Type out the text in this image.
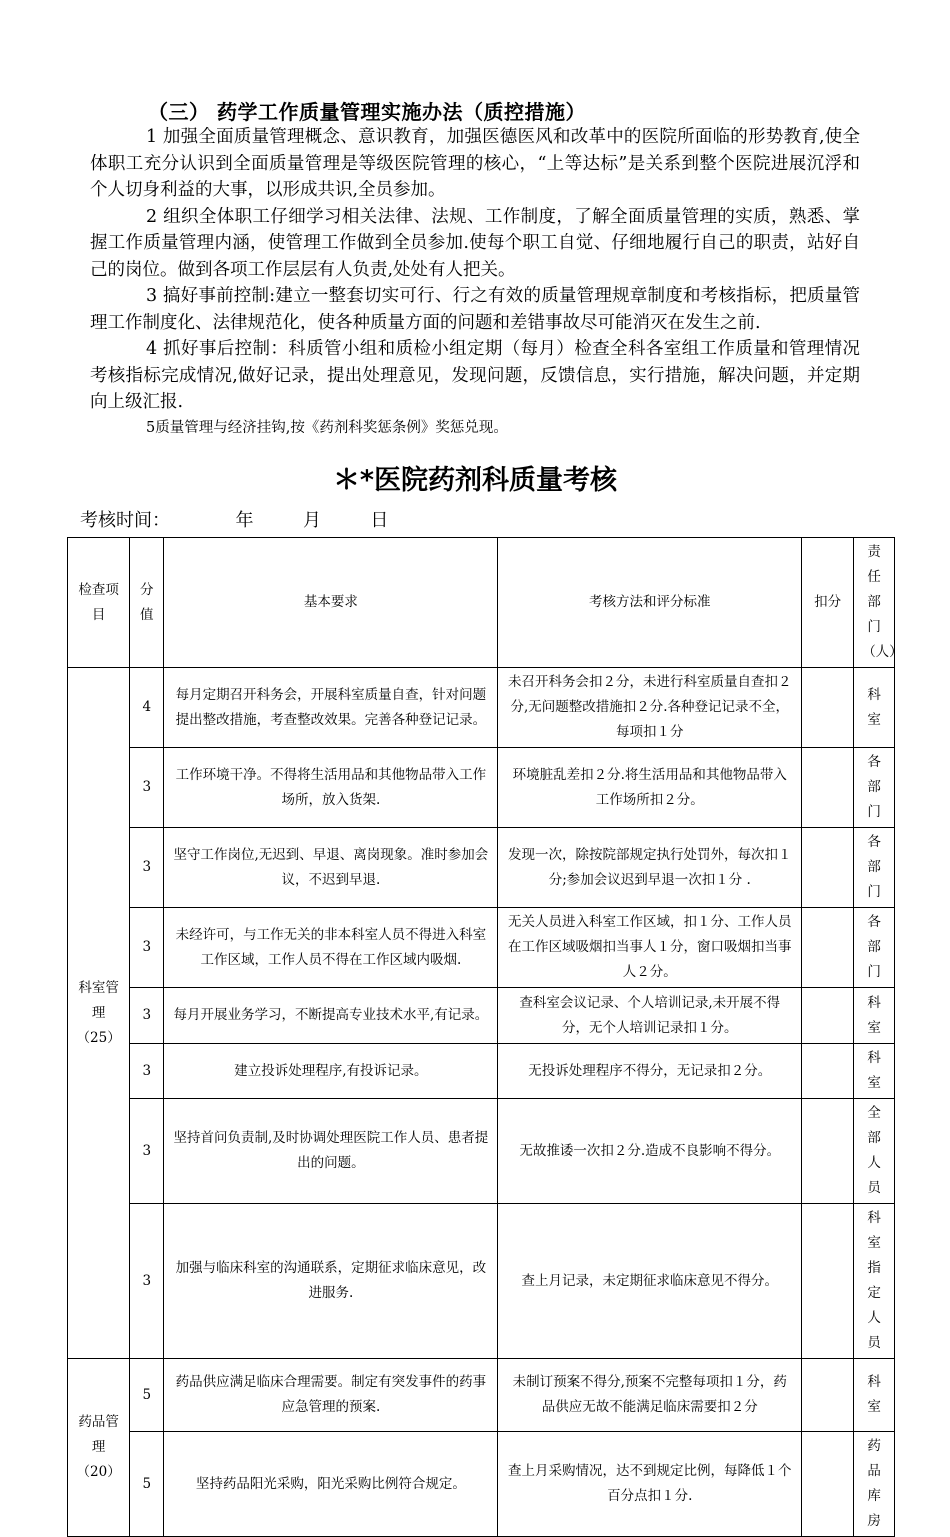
（三） 药学工作质量管理实施办法（质控措施）

1 加强全面质量管理概念、意识教育，加强医德医风和改革中的医院所面临的形势教育,使全体职工充分认识到全面质量管理是等级医院管理的核心，“上等达标”是关系到整个医院进展沉浮和个人切身利益的大事，以形成共识,全员参加。

2 组织全体职工仔细学习相关法律、法规、工作制度，了解全面质量管理的实质，熟悉、掌握工作质量管理内涵，使管理工作做到全员参加.使每个职工自觉、仔细地履行自己的职责，站好自己的岗位。做到各项工作层层有人负责,处处有人把关。

3 搞好事前控制:建立一整套切实可行、行之有效的质量管理规章制度和考核指标，把质量管理工作制度化、法律规范化，使各种质量方面的问题和差错事故尽可能消灭在发生之前.

4 抓好事后控制：科质管小组和质检小组定期（每月）检查全科各室组工作质量和管理情况考核指标完成情况,做好记录，提出处理意见，发现问题，反馈信息，实行措施，解决问题，并定期向上级汇报.

5质量管理与经济挂钩,按《药剂科奖惩条例》奖惩兑现。

＊*医院药剂科质量考核
考核时间：	年	月	日
检查项目	分值	基本要求	考核方法和评分标准	扣分	责任部门（人）
科室管理（25）	4	每月定期召开科务会，开展科室质量自查，针对问题提出整改措施，考查整改效果。完善各种登记记录。	未召开科务会扣２分，未进行科室质量自查扣２分,无问题整改措施扣２分.各种登记记录不全，每项扣１分		科室
	3	工作环境干净。不得将生活用品和其他物品带入工作场所，放入货架.	环境脏乱差扣２分.将生活用品和其他物品带入工作场所扣２分。		各部门
	3	坚守工作岗位,无迟到、早退、离岗现象。准时参加会议，不迟到早退.	发现一次，除按院部规定执行处罚外，每次扣１分;参加会议迟到早退一次扣１分 .		各部门
	3	未经许可，与工作无关的非本科室人员不得进入科室工作区域，工作人员不得在工作区域内吸烟.	无关人员进入科室工作区域，扣１分、工作人员在工作区域吸烟扣当事人１分，窗口吸烟扣当事人２分。		各部门
	3	每月开展业务学习，不断提高专业技术水平,有记录。	查科室会议记录、个人培训记录,未开展不得分，无个人培训记录扣１分。		科室
	3	建立投诉处理程序,有投诉记录。	无投诉处理程序不得分，无记录扣２分。		科室
	3	坚持首问负责制,及时协调处理医院工作人员、患者提出的问题。	无故推诿一次扣２分.造成不良影响不得分。		全部人员
	3	加强与临床科室的沟通联系，定期征求临床意见，改进服务.	查上月记录，未定期征求临床意见不得分。		科室指定人员
药品管理（20）	5	药品供应满足临床合理需要。制定有突发事件的药事应急管理的预案.	未制订预案不得分,预案不完整每项扣１分，药品供应无故不能满足临床需要扣２分		科室
	5	坚持药品阳光采购，阳光采购比例符合规定。	查上月采购情况，达不到规定比例，每降低１个百分点扣１分.		药品库房
